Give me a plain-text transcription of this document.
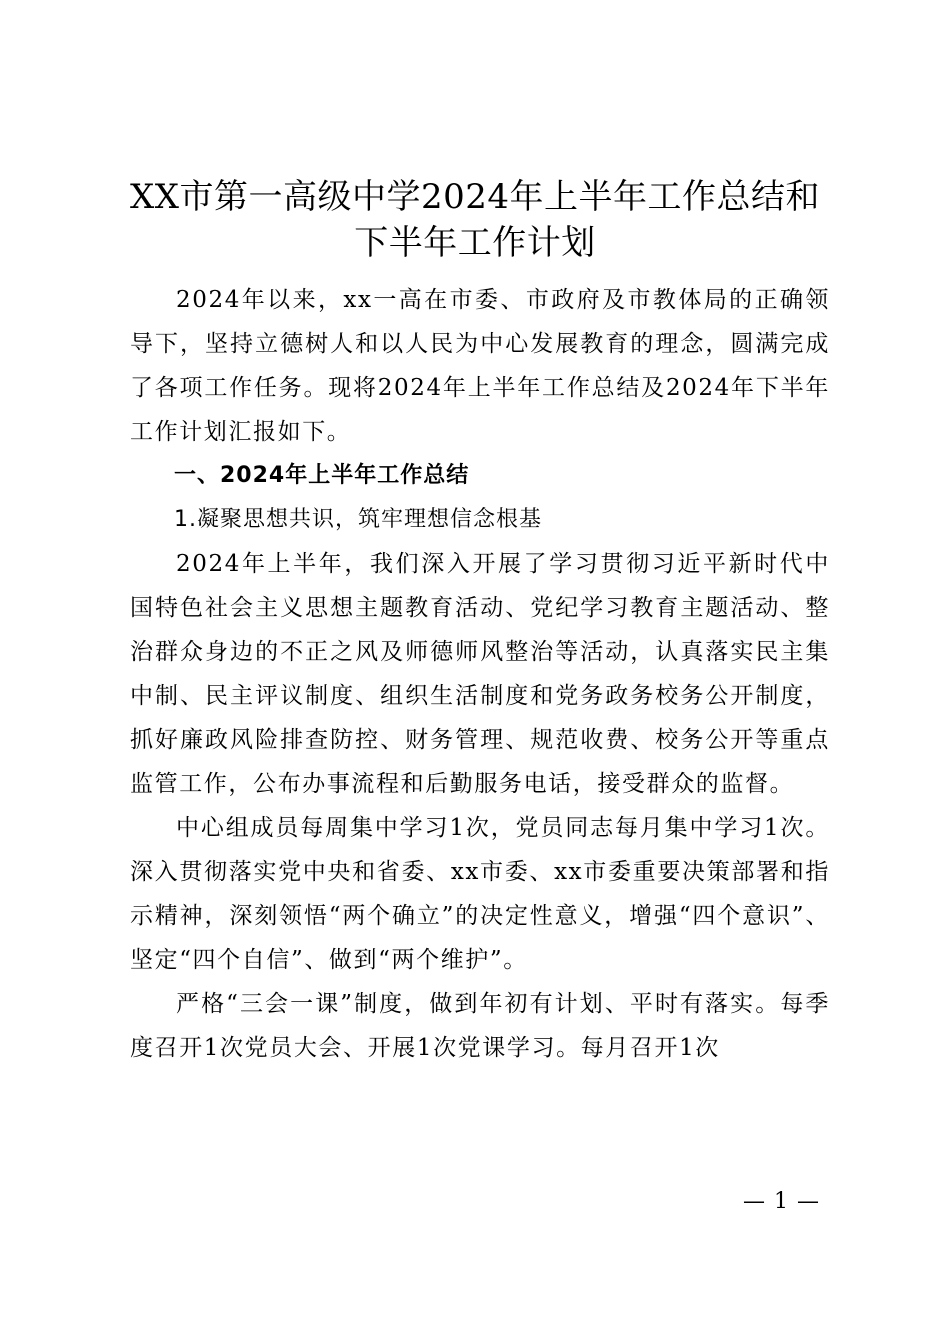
XX市第一高级中学2024年上半年工作总结和
下半年工作计划

2024年以来，xx一高在市委、市政府及市教体局的正确领导下，坚持立德树人和以人民为中心发展教育的理念，圆满完成了各项工作任务。现将2024年上半年工作总结及2024年下半年工作计划汇报如下。

一、2024年上半年工作总结

1.凝聚思想共识，筑牢理想信念根基

2024年上半年，我们深入开展了学习贯彻习近平新时代中国特色社会主义思想主题教育活动、党纪学习教育主题活动、整治群众身边的不正之风及师德师风整治等活动，认真落实民主集中制、民主评议制度、组织生活制度和党务政务校务公开制度，抓好廉政风险排查防控、财务管理、规范收费、校务公开等重点监管工作，公布办事流程和后勤服务电话，接受群众的监督。

中心组成员每周集中学习1次，党员同志每月集中学习1次。深入贯彻落实党中央和省委、xx市委、xx市委重要决策部署和指示精神，深刻领悟“两个确立”的决定性意义，增强“四个意识”、坚定“四个自信”、做到“两个维护”。

严格“三会一课”制度，做到年初有计划、平时有落实。每季度召开1次党员大会、开展1次党课学习。每月召开1次

— 1 —
